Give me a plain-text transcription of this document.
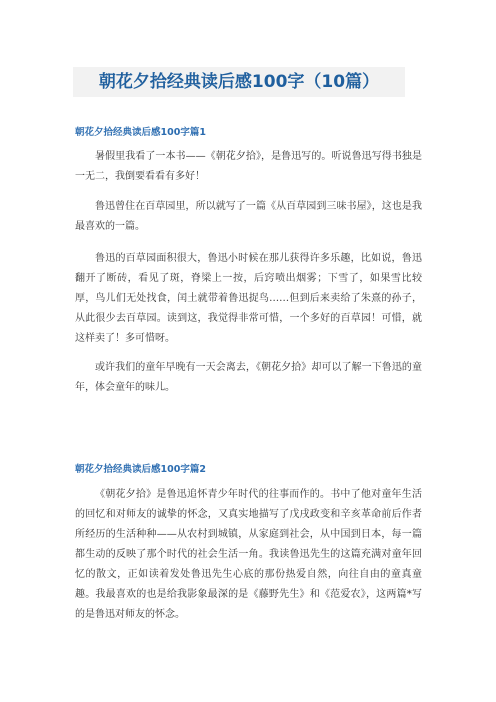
朝花夕拾经典读后感100字（10篇）
朝花夕拾经典读后感100字篇1

暑假里我看了一本书——《朝花夕拾》，是鲁迅写的。听说鲁迅写得书独是一无二，我倒要看看有多好！

鲁迅曾住在百草园里，所以就写了一篇《从百草园到三味书屋》，这也是我最喜欢的一篇。

鲁迅的百草园面积很大，鲁迅小时候在那儿获得许多乐趣，比如说，鲁迅翻开了断砖，看见了斑，脊梁上一按，后窍喷出烟雾；下雪了，如果雪比较厚，鸟儿们无处找食，闰土就带着鲁迅捉鸟……但到后来卖给了朱熹的孙子，从此很少去百草园。读到这，我觉得非常可惜，一个多好的百草园！可惜，就这样卖了！多可惜呀。

或许我们的童年早晚有一天会离去，《朝花夕拾》却可以了解一下鲁迅的童年，体会童年的味儿。

朝花夕拾经典读后感100字篇2

《朝花夕拾》是鲁迅追怀青少年时代的往事而作的。书中了他对童年生活的回忆和对师友的诚挚的怀念，又真实地描写了戊戌政变和辛亥革命前后作者所经历的生活种种——从农村到城镇，从家庭到社会，从中国到日本，每一篇都生动的反映了那个时代的社会生活一角。我读鲁迅先生的这篇充满对童年回忆的散文，正如读着发处鲁迅先生心底的那份热爱自然，向往自由的童真童趣。我最喜欢的也是给我影象最深的是《藤野先生》和《范爱农》，这两篇*写的是鲁迅对师友的怀念。
